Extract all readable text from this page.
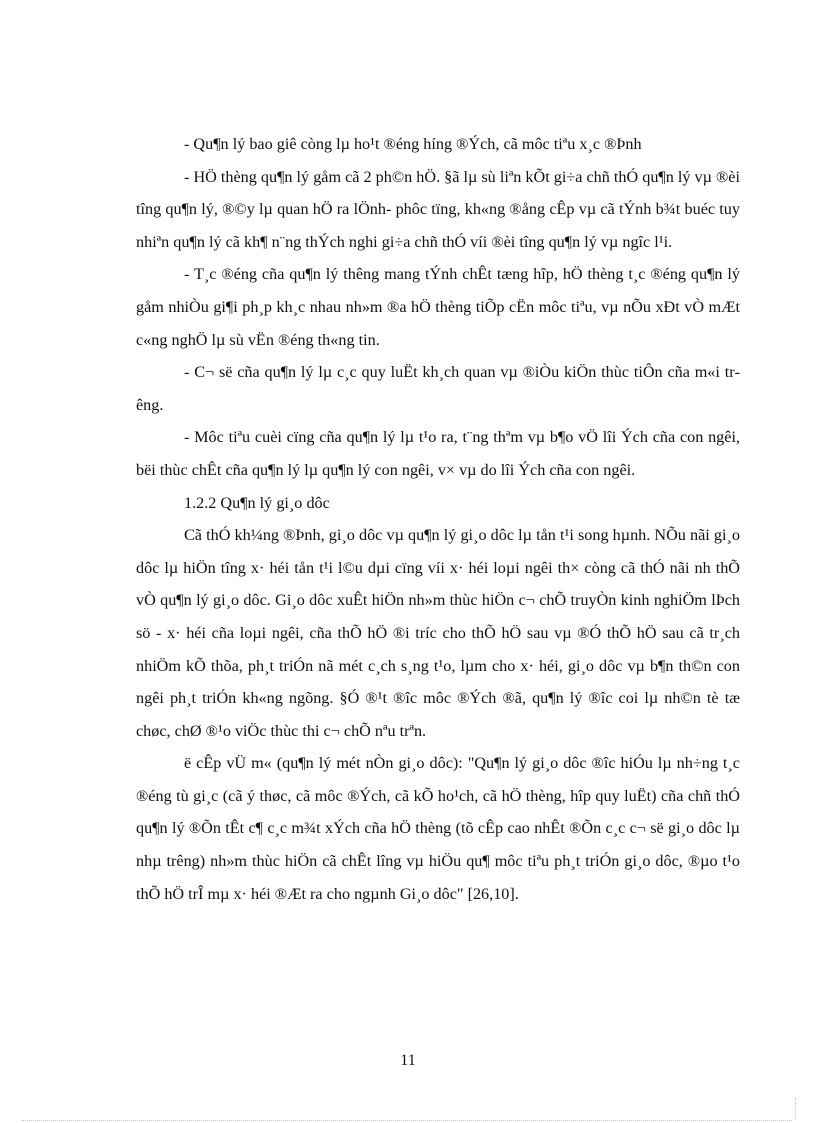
- Qu¶n lý bao giê còng lµ ho¹t ®éng híng ®Ých, cã môc tiªu x¸c ®Þnh

- HÖ thèng qu¶n lý gåm cã 2 ph©n hÖ. §ã lµ sù liªn kÕt gi÷a chñ thÓ qu¶n lý vµ ®èi tîng qu¶n lý, ®©y lµ quan hÖ ra lÖnh- phôc tïng, kh«ng ®ång cÊp vµ cã tÝnh b¾t buéc tuy nhiªn qu¶n lý cã kh¶ n¨ng thÝch nghi gi÷a chñ thÓ víi ®èi tîng qu¶n lý vµ ngîc l¹i.

- T¸c ®éng cña qu¶n lý thêng mang tÝnh chÊt tæng hîp, hÖ thèng t¸c ®éng qu¶n lý gåm nhiÒu gi¶i ph¸p kh¸c nhau nh»m ®a hÖ thèng tiÕp cËn môc tiªu, vµ nÕu xÐt vÒ mÆt c«ng nghÖ lµ sù vËn ®éng th«ng tin.

- C¬ së cña qu¶n lý lµ c¸c quy luËt kh¸ch quan vµ ®iÒu kiÖn thùc tiÔn cña m«i trêng.

- Môc tiªu cuèi cïng cña qu¶n lý lµ t¹o ra, t¨ng thªm vµ b¶o vÖ lîi Ých cña con ngêi, bëi thùc chÊt cña qu¶n lý lµ qu¶n lý con ngêi, v× vµ do lîi Ých cña con ngêi.

1.2.2 Qu¶n lý gi¸o dôc

Cã thÓ kh¼ng ®Þnh, gi¸o dôc vµ qu¶n lý gi¸o dôc lµ tån t¹i song hµnh. NÕu nãi gi¸o dôc lµ hiÖn tîng x· héi tån t¹i l©u dµi cïng víi x· héi loµi ngêi th× còng cã thÓ nãi nh thÕ vÒ qu¶n lý gi¸o dôc. Gi¸o dôc xuÊt hiÖn nh»m thùc hiÖn c¬ chÕ truyÒn kinh nghiÖm lÞch sö - x· héi cña loµi ngêi, cña thÕ hÖ ®i tríc cho thÕ hÖ sau vµ ®Ó thÕ hÖ sau cã tr¸ch nhiÖm kÕ thõa, ph¸t triÓn nã mét c¸ch s¸ng t¹o, lµm cho x· héi, gi¸o dôc vµ b¶n th©n con ngêi ph¸t triÓn kh«ng ngõng. §Ó ®¹t ®îc môc ®Ých ®ã, qu¶n lý ®îc coi lµ nh©n tè tæ chøc, chØ ®¹o viÖc thùc thi c¬ chÕ nªu trªn.

ë cÊp vÜ m« (qu¶n lý mét nÒn gi¸o dôc): "Qu¶n lý gi¸o dôc ®îc hiÓu lµ nh÷ng t¸c ®éng tù gi¸c (cã ý thøc, cã môc ®Ých, cã kÕ ho¹ch, cã hÖ thèng, hîp quy luËt) cña chñ thÓ qu¶n lý ®Õn tÊt c¶ c¸c m¾t xÝch cña hÖ thèng (tõ cÊp cao nhÊt ®Õn c¸c c¬ së gi¸o dôc lµ nhµ trêng) nh»m thùc hiÖn cã chÊt lîng vµ hiÖu qu¶ môc tiªu ph¸t triÓn gi¸o dôc, ®µo t¹o thÕ hÖ trÎ mµ x· héi ®Æt ra cho ngµnh Gi¸o dôc" [26,10].

11
